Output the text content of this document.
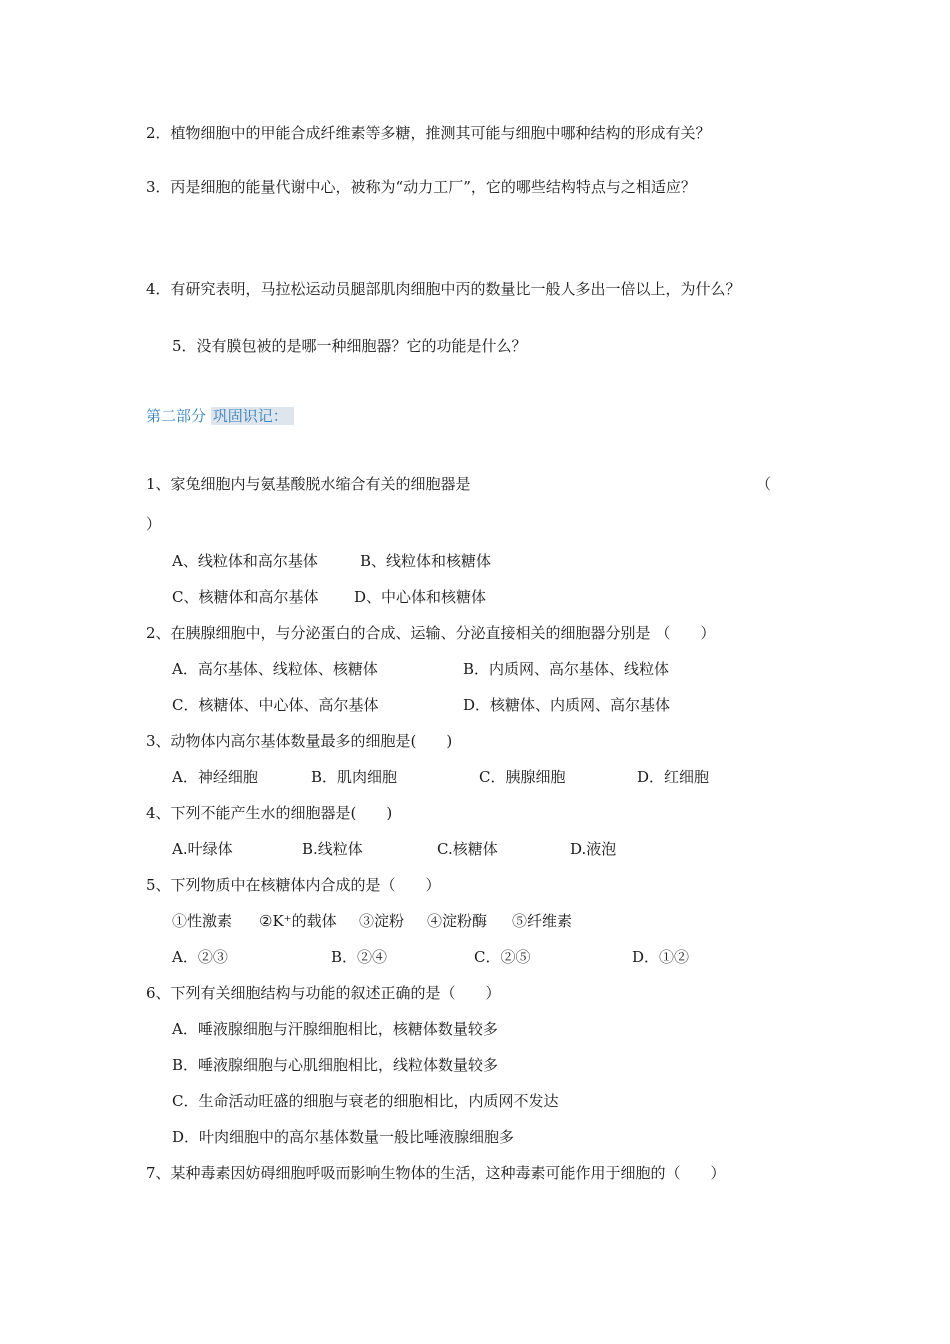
2．植物细胞中的甲能合成纤维素等多糖，推测其可能与细胞中哪种结构的形成有关？
3．丙是细胞的能量代谢中心，被称为“动力工厂”，它的哪些结构特点与之相适应？
4．有研究表明，马拉松运动员腿部肌肉细胞中丙的数量比一般人多出一倍以上，为什么？
5．没有膜包被的是哪一种细胞器？它的功能是什么？
第二部分 巩固识记：
1、家兔细胞内与氨基酸脱水缩合有关的细胞器是	（
）
A、线粒体和高尔基体	B、线粒体和核糖体
C、核糖体和高尔基体 D、中心体和核糖体
2、在胰腺细胞中，与分泌蛋白的合成、运输、分泌直接相关的细胞器分别是 （　　）
A．高尔基体、线粒体、核糖体	B．内质网、高尔基体、线粒体
C．核糖体、中心体、高尔基体	D．核糖体、内质网、高尔基体
3、动物体内高尔基体数量最多的细胞是(　　)
A．神经细胞	B．肌肉细胞	C．胰腺细胞	D．红细胞
4、下列不能产生水的细胞器是(　　)
A.叶绿体	B.线粒体	C.核糖体	D.液泡
5、下列物质中在核糖体内合成的是（　　）
①性激素 ②K⁺的载体 ③淀粉 ④淀粉酶 ⑤纤维素
A．②③	B．②④	C．②⑤	D．①②
6、下列有关细胞结构与功能的叙述正确的是（　　）
A．唾液腺细胞与汗腺细胞相比，核糖体数量较多
B．唾液腺细胞与心肌细胞相比，线粒体数量较多
C．生命活动旺盛的细胞与衰老的细胞相比，内质网不发达
D．叶肉细胞中的高尔基体数量一般比唾液腺细胞多
7、某种毒素因妨碍细胞呼吸而影响生物体的生活，这种毒素可能作用于细胞的（　　）
